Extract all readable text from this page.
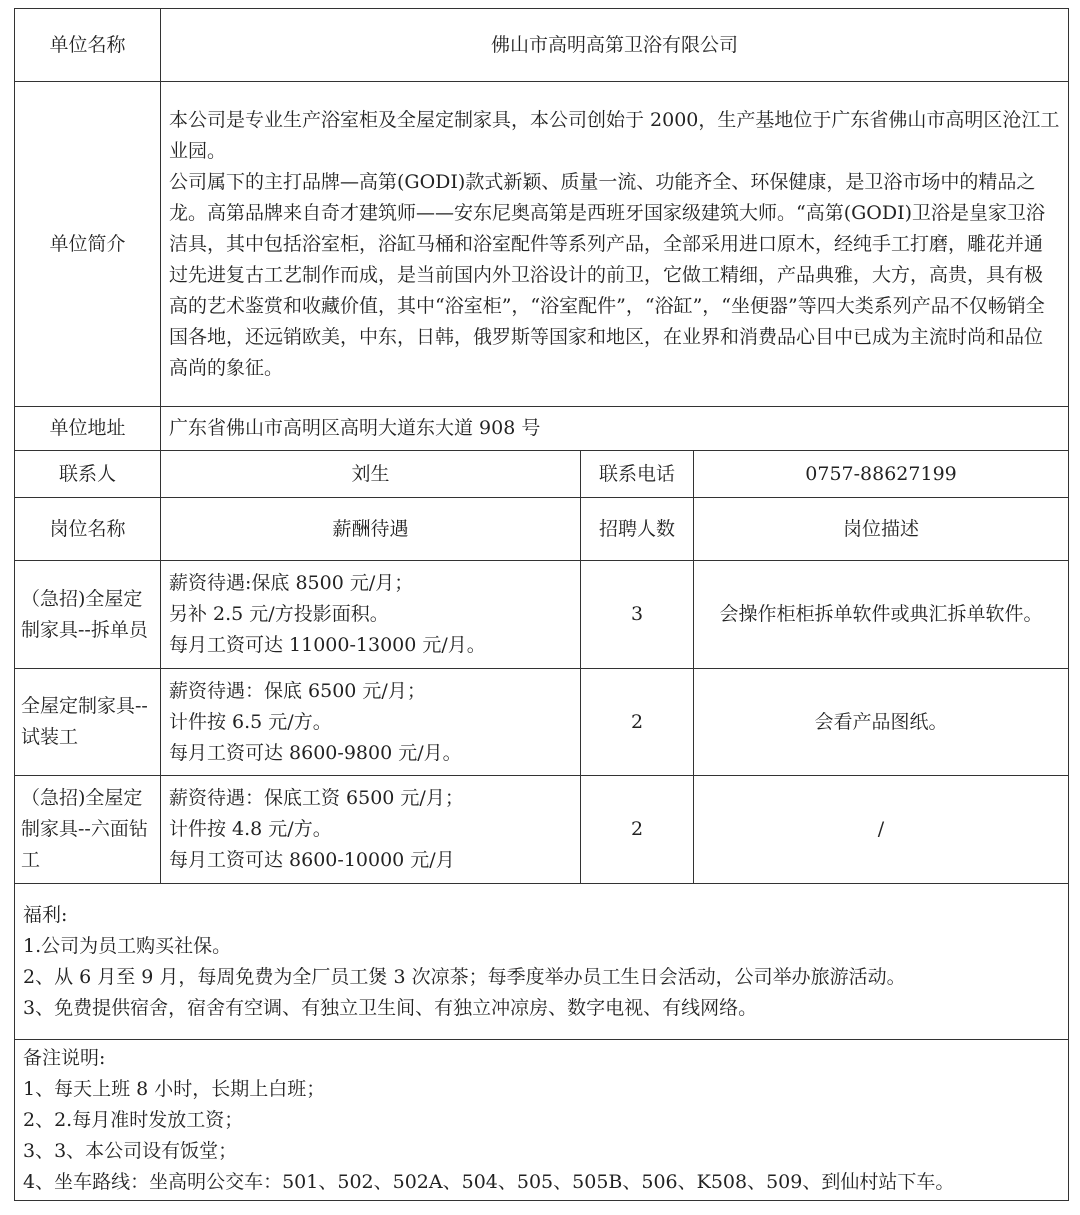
单位名称	佛山市高明高第卫浴有限公司		
单位简介	本公司是专业生产浴室柜及全屋定制家具，本公司创始于 2000，生产基地位于广东省佛山市高明区沧江工业园。

公司属下的主打品牌—高第(GODI)款式新颖、质量一流、功能齐全、环保健康，是卫浴市场中的精品之龙。高第品牌来自奇才建筑师——安东尼奥高第是西班牙国家级建筑大师。“高第(GODI)卫浴是皇家卫浴洁具，其中包括浴室柜，浴缸马桶和浴室配件等系列产品，全部采用进口原木，经纯手工打磨，雕花并通过先进复古工艺制作而成，是当前国内外卫浴设计的前卫，它做工精细，产品典雅，大方，高贵，具有极高的艺术鉴赏和收藏价值，其中“浴室柜”，“浴室配件”，“浴缸”，“坐便器”等四大类系列产品不仅畅销全国各地，还远销欧美，中东，日韩，俄罗斯等国家和地区，在业界和消费品心目中已成为主流时尚和品位高尚的象征。		

单位地址	广东省佛山市高明区高明大道东大道 908 号		
联系人	刘生	联系电话	0757-88627199
岗位名称	薪酬待遇	招聘人数	岗位描述
（急招)全屋定制家具--拆单员	薪资待遇:保底 8500 元/月；
另补 2.5 元/方投影面积。
每月工资可达 11000-13000 元/月。	3	会操作柜柜拆单软件或典汇拆单软件。
全屋定制家具--试装工	薪资待遇：保底 6500 元/月；
计件按 6.5 元/方。
每月工资可达 8600-9800 元/月。	2	会看产品图纸。
（急招)全屋定制家具--六面钻工	薪资待遇：保底工资 6500 元/月；
计件按 4.8 元/方。
每月工资可达 8600-10000 元/月	2	/

福利:

1.公司为员工购买社保。

2、从 6 月至 9 月，每周免费为全厂员工煲 3 次凉茶；每季度举办员工生日会活动，公司举办旅游活动。

3、免费提供宿舍，宿舍有空调、有独立卫生间、有独立冲凉房、数字电视、有线网络。			

备注说明:

1、每天上班 8 小时，长期上白班；

2、2.每月准时发放工资；

3、3、本公司设有饭堂；

4、坐车路线：坐高明公交车：501、502、502A、504、505、505B、506、K508、509、到仙村站下车。			
